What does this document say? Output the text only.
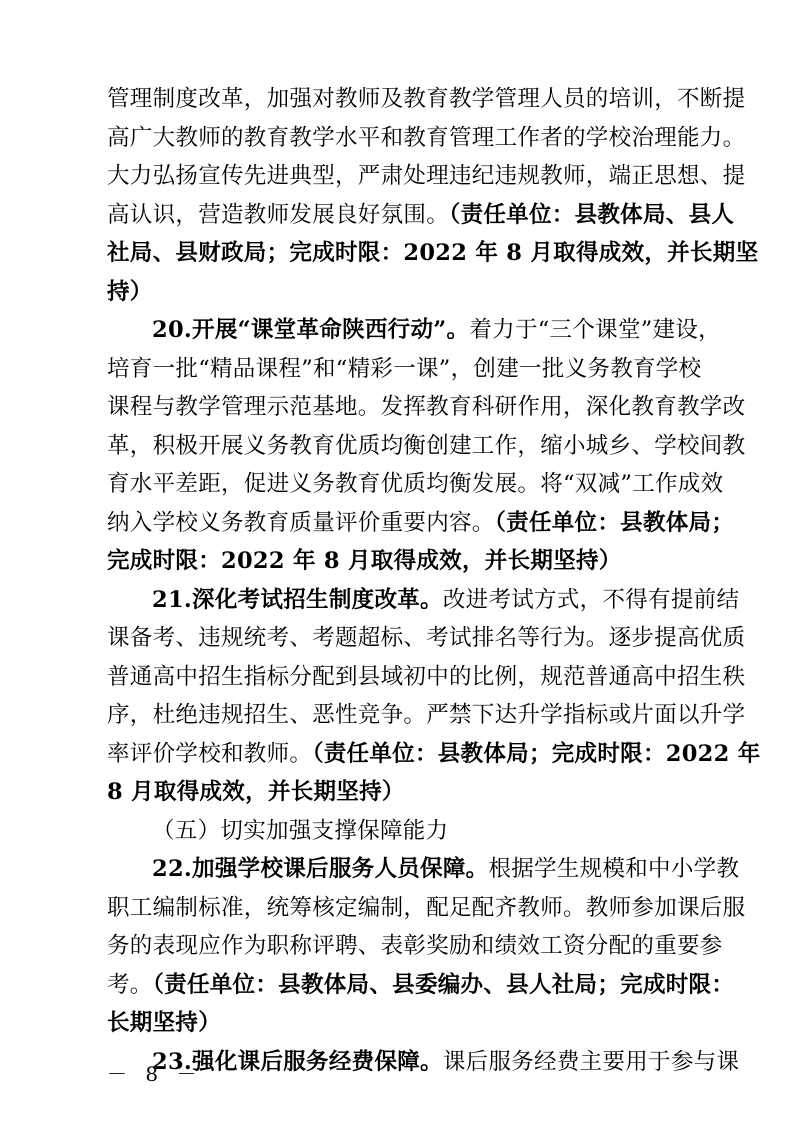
管理制度改革，加强对教师及教育教学管理人员的培训，不断提
高广大教师的教育教学水平和教育管理工作者的学校治理能力。
大力弘扬宣传先进典型，严肃处理违纪违规教师，端正思想、提
高认识，营造教师发展良好氛围。（责任单位：县教体局、县人
社局、县财政局；完成时限：2022 年 8 月取得成效，并长期坚
持）
20.开展“课堂革命陕西行动”。着力于“三个课堂”建设，
培育一批“精品课程”和“精彩一课”，创建一批义务教育学校
课程与教学管理示范基地。发挥教育科研作用，深化教育教学改
革，积极开展义务教育优质均衡创建工作，缩小城乡、学校间教
育水平差距，促进义务教育优质均衡发展。将“双减”工作成效
纳入学校义务教育质量评价重要内容。（责任单位：县教体局；
完成时限：2022 年 8 月取得成效，并长期坚持）
21.深化考试招生制度改革。改进考试方式，不得有提前结
课备考、违规统考、考题超标、考试排名等行为。逐步提高优质
普通高中招生指标分配到县域初中的比例，规范普通高中招生秩
序，杜绝违规招生、恶性竞争。严禁下达升学指标或片面以升学
率评价学校和教师。（责任单位：县教体局；完成时限：2022 年
8 月取得成效，并长期坚持）
（五）切实加强支撑保障能力
22.加强学校课后服务人员保障。根据学生规模和中小学教
职工编制标准，统筹核定编制，配足配齐教师。教师参加课后服
务的表现应作为职称评聘、表彰奖励和绩效工资分配的重要参
考。（责任单位：县教体局、县委编办、县人社局；完成时限：
长期坚持）
23.强化课后服务经费保障。课后服务经费主要用于参与课
－ 8 －
